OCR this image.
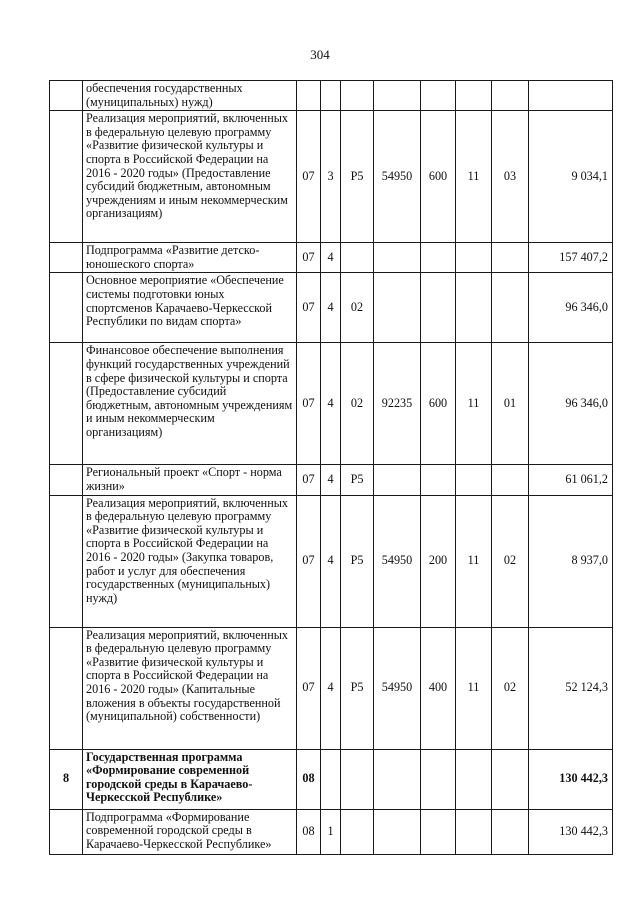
304
	обеспечения государственных (муниципальных) нужд)								
	Реализация мероприятий, включенных в федеральную целевую программу «Развитие физической культуры и спорта в Российской Федерации на 2016 - 2020 годы» (Предоставление субсидий бюджетным, автономным учреждениям и иным некоммерческим организациям)	07	3	P5	54950	600	11	03	9 034,1
	Подпрограмма «Развитие детско-юношеского спорта»	07	4						157 407,2
	Основное мероприятие «Обеспечение системы подготовки юных спортсменов Карачаево-Черкесской Республики по видам спорта»	07	4	02					96 346,0
	Финансовое обеспечение выполнения функций государственных учреждений в сфере физической культуры и спорта (Предоставление субсидий бюджетным, автономным учреждениям и иным некоммерческим организациям)	07	4	02	92235	600	11	01	96 346,0
	Региональный проект «Спорт - норма жизни»	07	4	P5					61 061,2
	Реализация мероприятий, включенных в федеральную целевую программу «Развитие физической культуры и спорта в Российской Федерации на 2016 - 2020 годы» (Закупка товаров, работ и услуг для обеспечения государственных (муниципальных) нужд)	07	4	P5	54950	200	11	02	8 937,0
	Реализация мероприятий, включенных в федеральную целевую программу «Развитие физической культуры и спорта в Российской Федерации на 2016 - 2020 годы» (Капитальные вложения в объекты государственной (муниципальной) собственности)	07	4	P5	54950	400	11	02	52 124,3
8	Государственная программа «Формирование современной городской среды в Карачаево-Черкесской Республике»	08							130 442,3
	Подпрограмма «Формирование современной городской среды в Карачаево-Черкесской Республике»	08	1						130 442,3
